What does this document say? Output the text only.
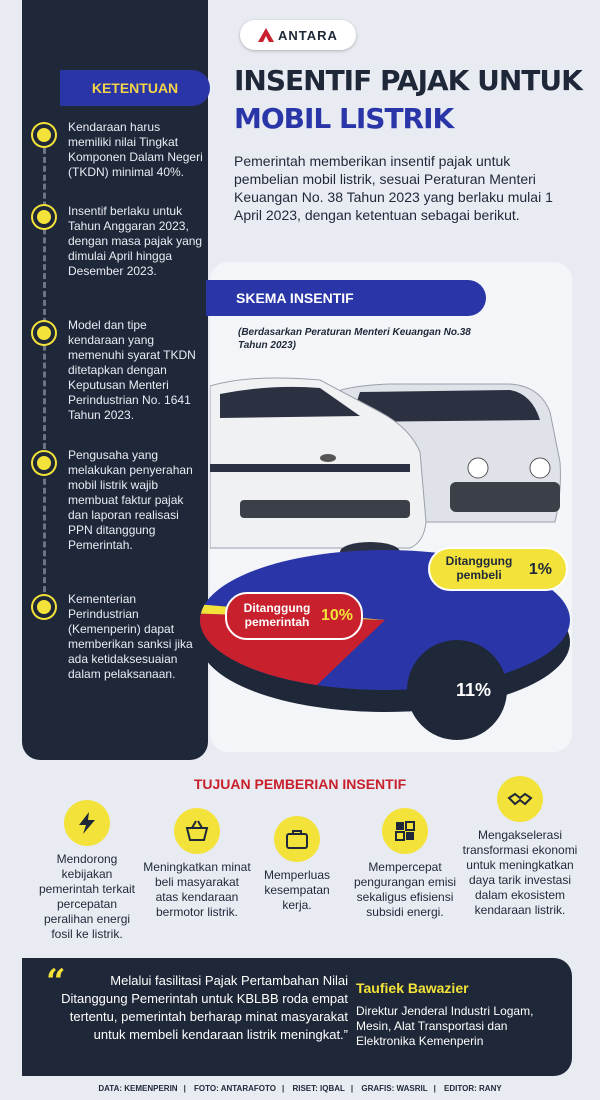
KETENTUAN
Kendaraan harus memiliki nilai Tingkat Komponen Dalam Negeri (TKDN) minimal 40%.
Insentif berlaku untuk Tahun Anggaran 2023, dengan masa pajak yang dimulai April hingga Desember 2023.
Model dan tipe kendaraan yang memenuhi syarat TKDN ditetapkan dengan Keputusan Menteri Perindustrian No. 1641 Tahun 2023.
Pengusaha yang melakukan penyerahan mobil listrik wajib membuat faktur pajak dan laporan realisasi PPN ditanggung Pemerintah.
Kementerian Perindustrian (Kemenperin) dapat memberikan sanksi jika ada ketidaksesuaian dalam pelaksanaan.
ANTARA
INSENTIF PAJAK UNTUK
MOBIL LISTRIK
Pemerintah memberikan insentif pajak untuk pembelian mobil listrik, sesuai Peraturan Menteri Keuangan No. 38 Tahun 2023 yang berlaku mulai 1 April 2023, dengan ketentuan sebagai berikut.
SKEMA INSENTIF
(Berdasarkan Peraturan Menteri Keuangan No.38 Tahun 2023)
Ditanggung pembeli	1%
Ditanggung pemerintah 10%
Pajak kendaraan	11%
TUJUAN PEMBERIAN INSENTIF
Mendorong kebijakan pemerintah terkait percepatan peralihan energi fosil ke listrik.
Meningkatkan minat beli masyarakat atas kendaraan bermotor listrik.
Memperluas kesempatan kerja.
Mempercepat pengurangan emisi sekaligus efisiensi subsidi energi.
Mengakselerasi transformasi ekonomi untuk meningkatkan daya tarik investasi dalam ekosistem kendaraan listrik.
“	Melalui fasilitasi Pajak Pertambahan Nilai Ditanggung Pemerintah untuk KBLBB roda empat tertentu, pemerintah berharap minat masyarakat untuk membeli kendaraan listrik meningkat.”
Taufiek Bawazier
Direktur Jenderal Industri Logam, Mesin, Alat Transportasi dan Elektronika Kemenperin
DATA: KEMENPERIN | FOTO: ANTARAFOTO | RISET: IQBAL | GRAFIS: WASRIL | EDITOR: RANY
